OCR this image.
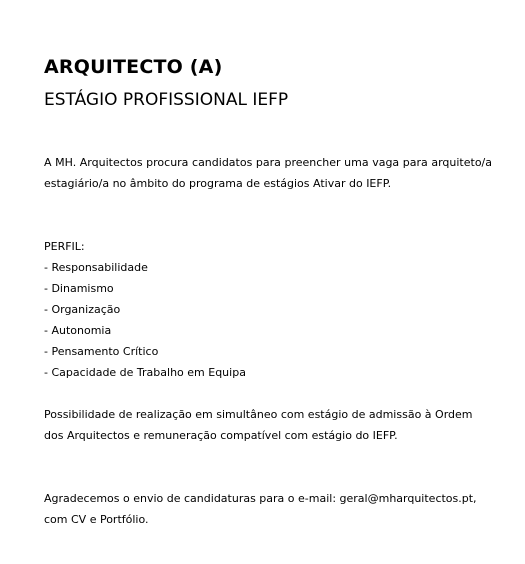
ARQUITECTO (A)
ESTÁGIO PROFISSIONAL IEFP

A MH. Arquitectos procura candidatos para preencher uma vaga para arquiteto/a estagiário/a no âmbito do programa de estágios Ativar do IEFP.

PERFIL:
- Responsabilidade
- Dinamismo
- Organização
- Autonomia
- Pensamento Crítico
- Capacidade de Trabalho em Equipa

Possibilidade de realização em simultâneo com estágio de admissão à Ordem dos Arquitectos e remuneração compatível com estágio do IEFP.

Agradecemos o envio de candidaturas para o e-mail: geral@mharquitectos.pt, com CV e Portfólio.
